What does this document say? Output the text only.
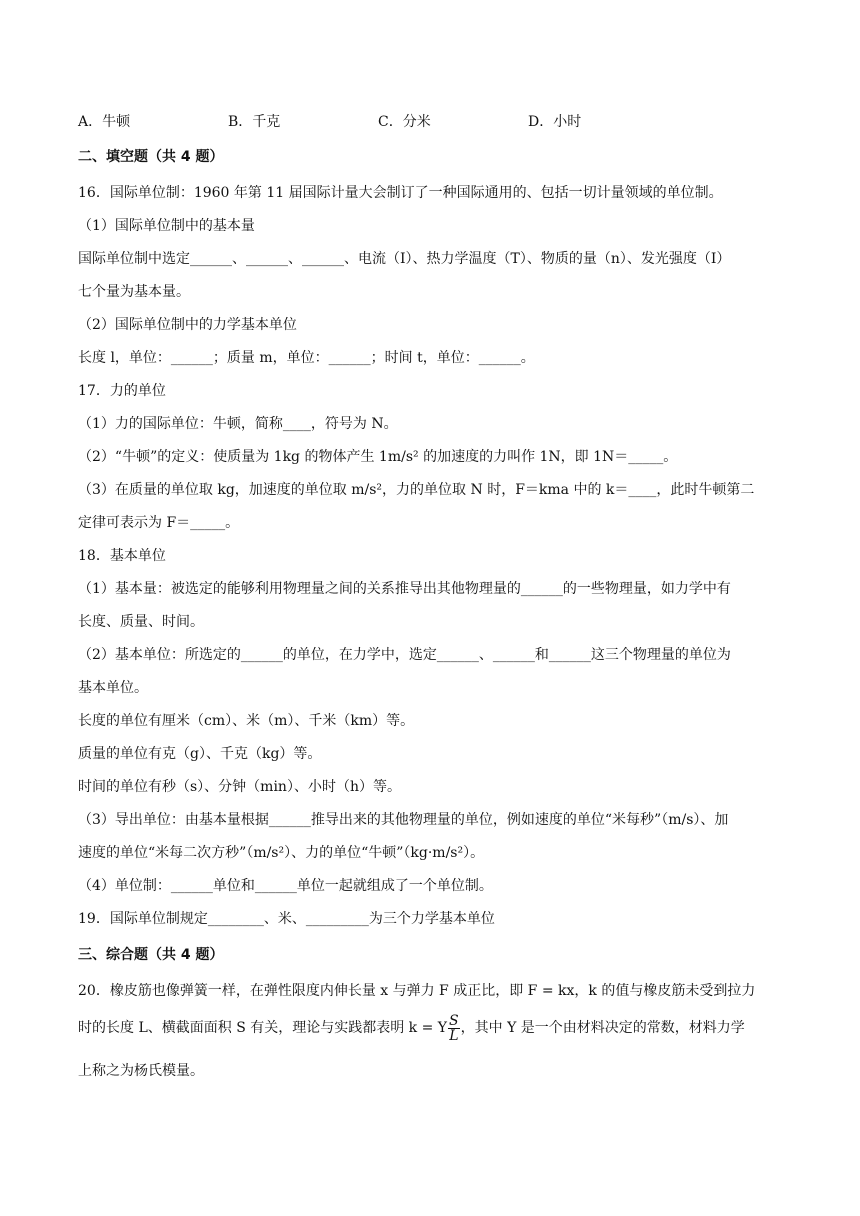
A．牛顿	B．千克	C．分米	D．小时
二、填空题（共 4 题）
16．国际单位制：1960 年第 11 届国际计量大会制订了一种国际通用的、包括一切计量领域的单位制。
（1）国际单位制中的基本量
国际单位制中选定______、______、______、电流（I）、热力学温度（T）、物质的量（n）、发光强度（I）
七个量为基本量。
（2）国际单位制中的力学基本单位
长度 l，单位：______；质量 m，单位：______；时间 t，单位：______。
17．力的单位
（1）力的国际单位：牛顿，简称____，符号为 N。
（2）“牛顿”的定义：使质量为 1kg 的物体产生 1m/s² 的加速度的力叫作 1N，即 1N＝_____。
（3）在质量的单位取 kg，加速度的单位取 m/s²，力的单位取 N 时，F＝kma 中的 k＝____，此时牛顿第二
定律可表示为 F＝_____。
18．基本单位
（1）基本量：被选定的能够利用物理量之间的关系推导出其他物理量的______的一些物理量，如力学中有
长度、质量、时间。
（2）基本单位：所选定的______的单位，在力学中，选定______、______和______这三个物理量的单位为
基本单位。
长度的单位有厘米（cm）、米（m）、千米（km）等。
质量的单位有克（g）、千克（kg）等。
时间的单位有秒（s）、分钟（min）、小时（h）等。
（3）导出单位：由基本量根据______推导出来的其他物理量的单位，例如速度的单位“米每秒”（m/s）、加
速度的单位“米每二次方秒”（m/s²）、力的单位“牛顿”（kg·m/s²）。
（4）单位制：______单位和______单位一起就组成了一个单位制。
19．国际单位制规定________、米、_________为三个力学基本单位
三、综合题（共 4 题）
20．橡皮筋也像弹簧一样，在弹性限度内伸长量 x 与弹力 F 成正比，即 F = kx，k 的值与橡皮筋未受到拉力
时的长度 L、横截面面积 S 有关，理论与实践都表明 k = Y $\frac{S}{L}$ ，其中 Y 是一个由材料决定的常数，材料力学
上称之为杨氏模量。
